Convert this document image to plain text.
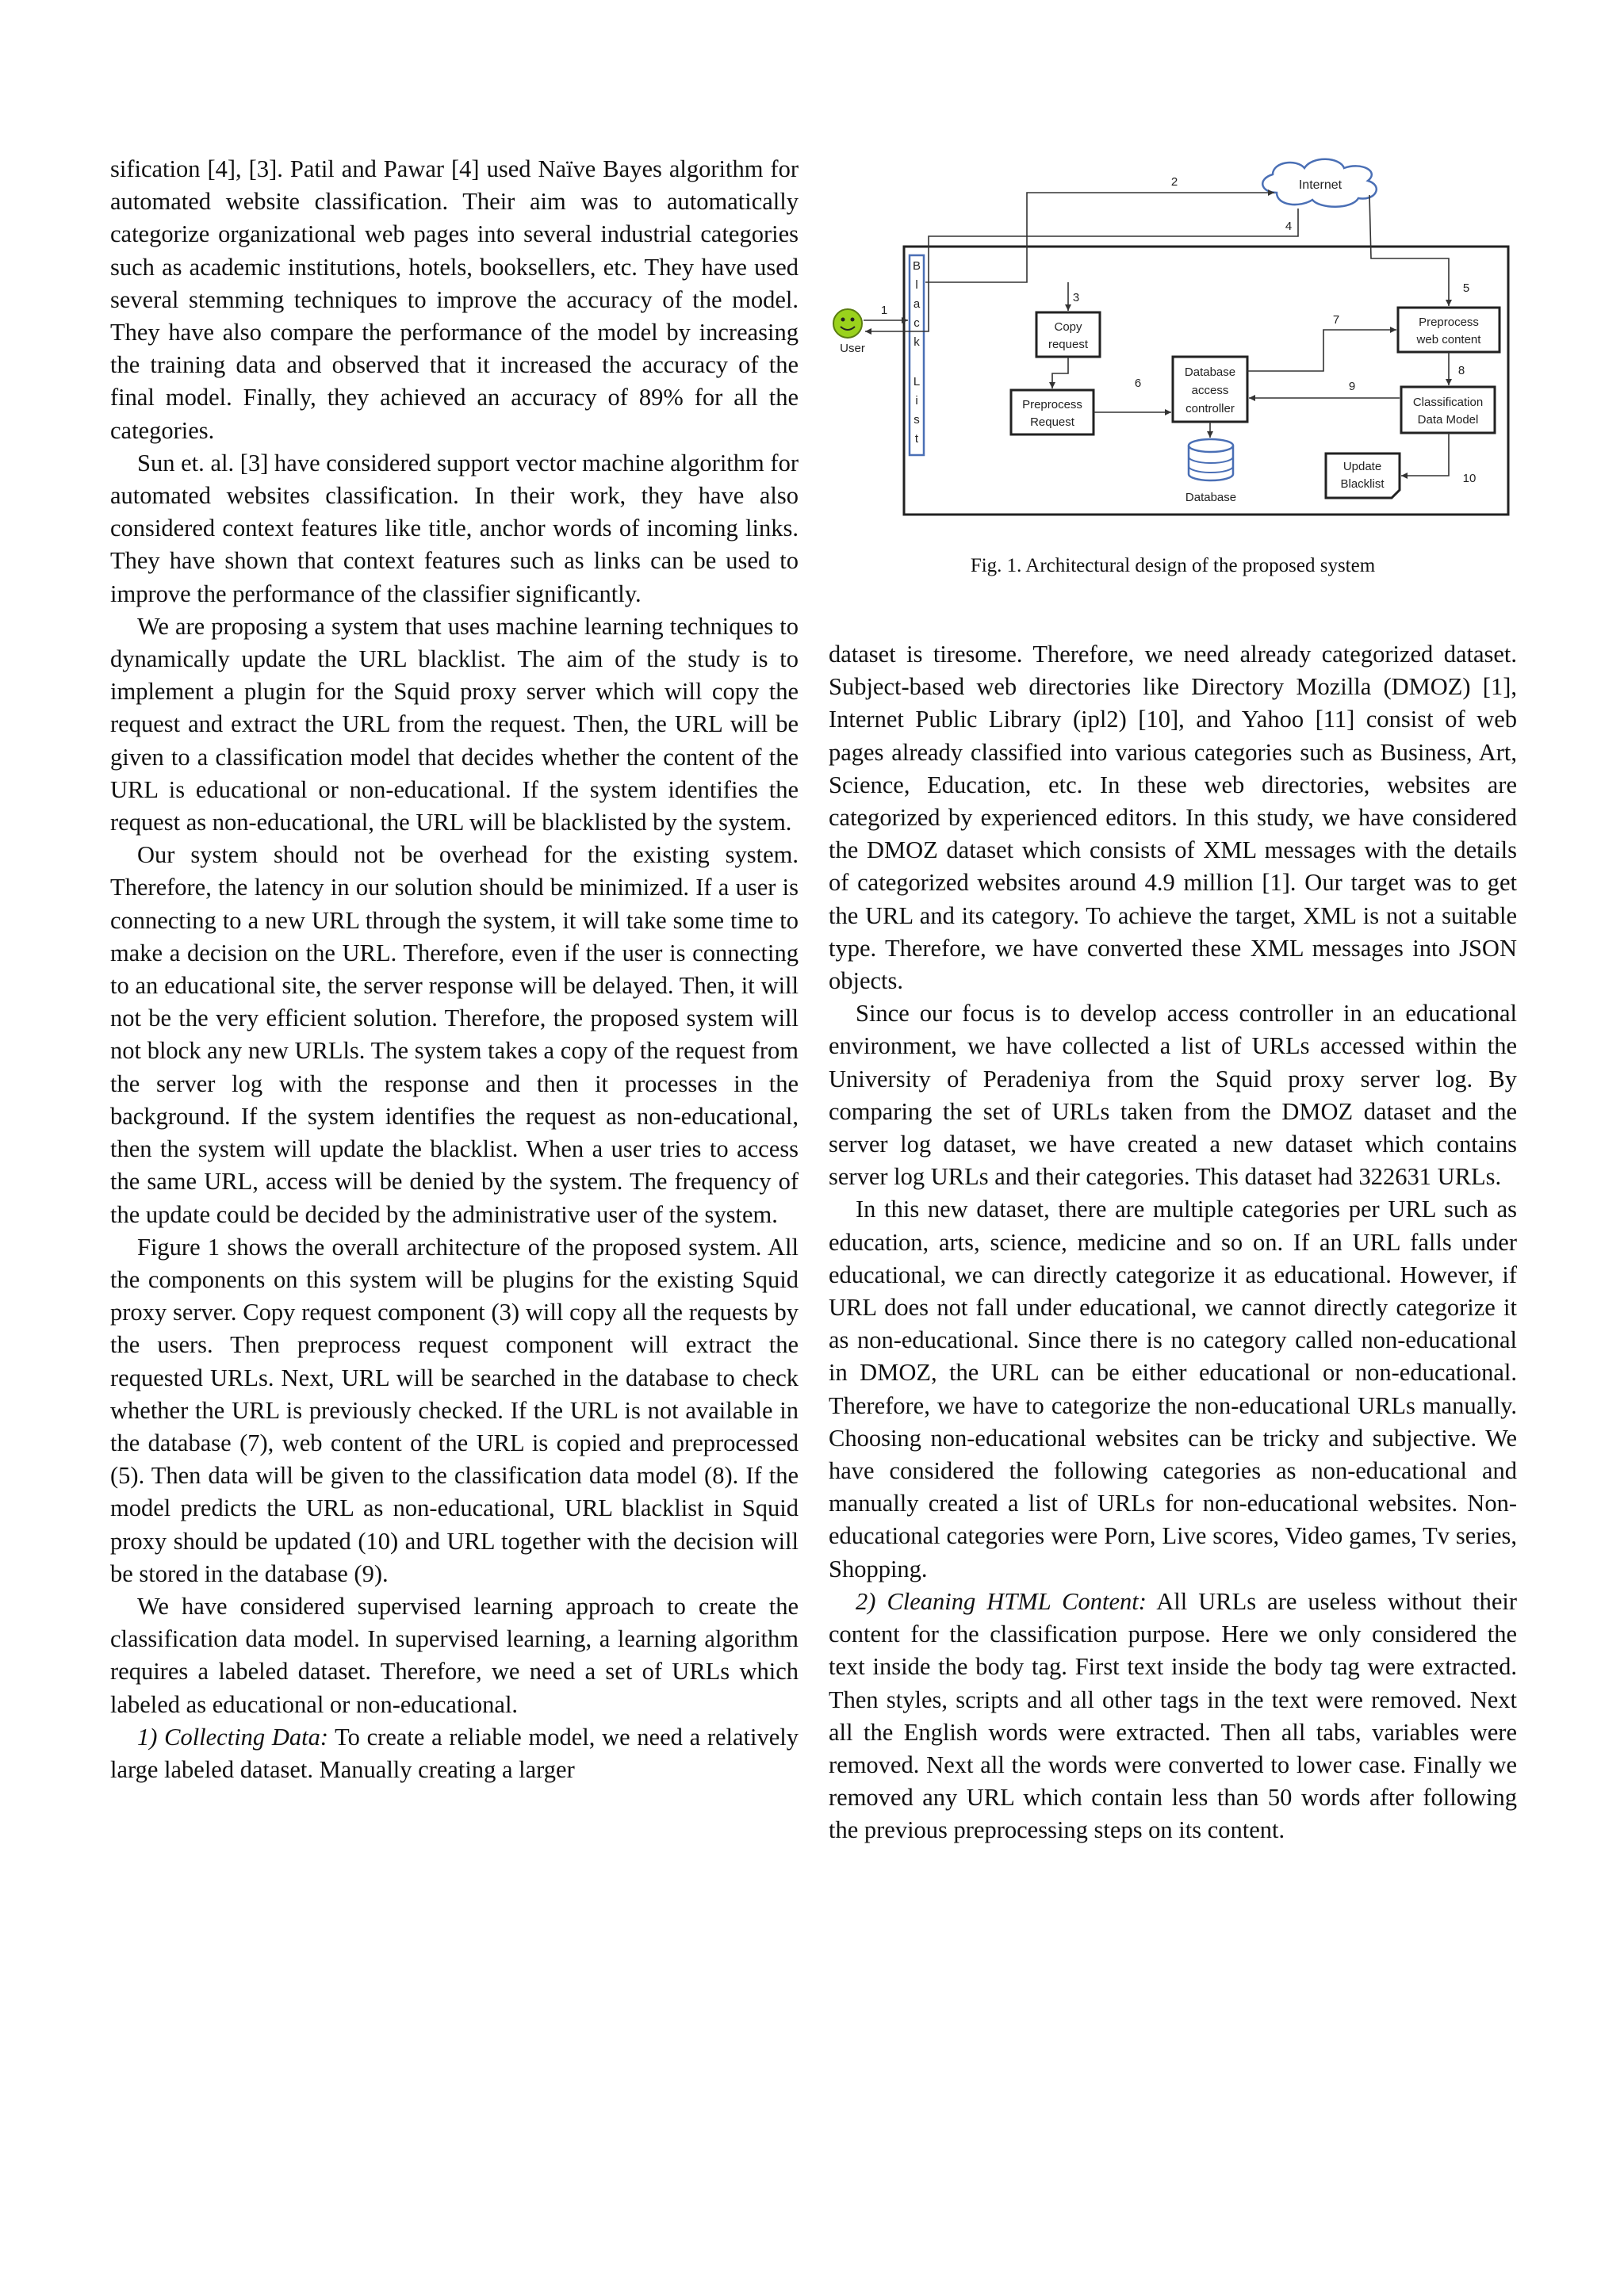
sification [4], [3]. Patil and Pawar [4] used Naïve Bayes algorithm for automated website classification. Their aim was to automatically categorize organizational web pages into several industrial categories such as academic institutions, hotels, booksellers, etc. They have used several stemming techniques to improve the accuracy of the model. They have also compare the performance of the model by increasing the training data and observed that it increased the accuracy of the final model. Finally, they achieved an accuracy of 89% for all the categories.

Sun et. al. [3] have considered support vector machine algorithm for automated websites classification. In their work, they have also considered context features like title, anchor words of incoming links. They have shown that context features such as links can be used to improve the performance of the classifier significantly.

We are proposing a system that uses machine learning techniques to dynamically update the URL blacklist. The aim of the study is to implement a plugin for the Squid proxy server which will copy the request and extract the URL from the request. Then, the URL will be given to a classification model that decides whether the content of the URL is educational or non-educational. If the system identifies the request as non-educational, the URL will be blacklisted by the system.

Our system should not be overhead for the existing system. Therefore, the latency in our solution should be minimized. If a user is connecting to a new URL through the system, it will take some time to make a decision on the URL. Therefore, even if the user is connecting to an educational site, the server response will be delayed. Then, it will not be the very efficient solution. Therefore, the proposed system will not block any new URLls. The system takes a copy of the request from the server log with the response and then it processes in the background. If the system identifies the request as non-educational, then the system will update the blacklist. When a user tries to access the same URL, access will be denied by the system. The frequency of the update could be decided by the administrative user of the system.

Figure 1 shows the overall architecture of the proposed system. All the components on this system will be plugins for the existing Squid proxy server. Copy request component (3) will copy all the requests by the users. Then preprocess request component will extract the requested URLs. Next, URL will be searched in the database to check whether the URL is previously checked. If the URL is not available in the database (7), web content of the URL is copied and preprocessed (5). Then data will be given to the classification data model (8). If the model predicts the URL as non-educational, URL blacklist in Squid proxy should be updated (10) and URL together with the decision will be stored in the database (9).

We have considered supervised learning approach to create the classification data model. In supervised learning, a learning algorithm requires a labeled dataset. Therefore, we need a set of URLs which labeled as educational or non-educational.

1) Collecting Data: To create a reliable model, we need a relatively large labeled dataset. Manually creating a larger

Internet
User
B
l
a
c
k
L
i
s
t
Copy
request
Preprocess
Request
Database
access
controller
Database
Preprocess
web content
Classification
Data Model
Update
Blacklist
1
2
3
4
5
6
7
8
9
10
Fig. 1. Architectural design of the proposed system

dataset is tiresome. Therefore, we need already categorized dataset. Subject-based web directories like Directory Mozilla (DMOZ) [1], Internet Public Library (ipl2) [10], and Yahoo [11] consist of web pages already classified into various categories such as Business, Art, Science, Education, etc. In these web directories, websites are categorized by experienced editors. In this study, we have considered the DMOZ dataset which consists of XML messages with the details of categorized websites around 4.9 million [1]. Our target was to get the URL and its category. To achieve the target, XML is not a suitable type. Therefore, we have converted these XML messages into JSON objects.

Since our focus is to develop access controller in an educational environment, we have collected a list of URLs accessed within the University of Peradeniya from the Squid proxy server log. By comparing the set of URLs taken from the DMOZ dataset and the server log dataset, we have created a new dataset which contains server log URLs and their categories. This dataset had 322631 URLs.

In this new dataset, there are multiple categories per URL such as education, arts, science, medicine and so on. If an URL falls under educational, we can directly categorize it as educational. However, if URL does not fall under educational, we cannot directly categorize it as non-educational. Since there is no category called non-educational in DMOZ, the URL can be either educational or non-educational. Therefore, we have to categorize the non-educational URLs manually. Choosing non-educational websites can be tricky and subjective. We have considered the following categories as non-educational and manually created a list of URLs for non-educational websites. Non-educational categories were Porn, Live scores, Video games, Tv series, Shopping.

2) Cleaning HTML Content: All URLs are useless without their content for the classification purpose. Here we only considered the text inside the body tag. First text inside the body tag were extracted. Then styles, scripts and all other tags in the text were removed. Next all the English words were extracted. Then all tabs, variables were removed. Next all the words were converted to lower case. Finally we removed any URL which contain less than 50 words after following the previous preprocessing steps on its content.
